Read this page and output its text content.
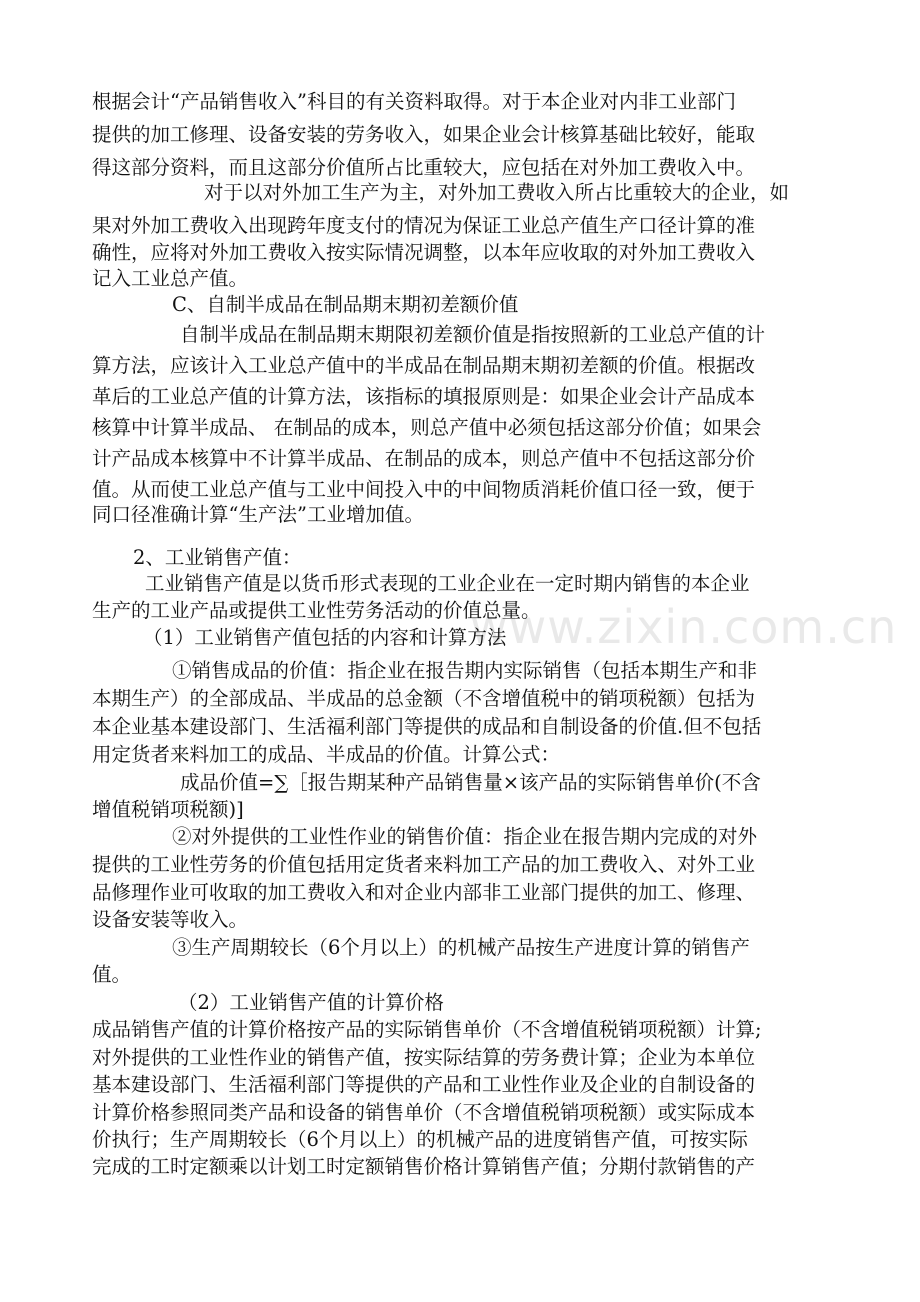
www.zixin.com.cn
根据会计“产品销售收入”科目的有关资料取得。对于本企业对内非工业部门
提供的加工修理、设备安装的劳务收入，如果企业会计核算基础比较好，能取
得这部分资料，而且这部分价值所占比重较大，应包括在对外加工费收入中。
对于以对外加工生产为主，对外加工费收入所占比重较大的企业，如
果对外加工费收入出现跨年度支付的情况为保证工业总产值生产口径计算的准
确性，应将对外加工费收入按实际情况调整，以本年应收取的对外加工费收入
记入工业总产值。
C、自制半成品在制品期末期初差额价值
自制半成品在制品期末期限初差额价值是指按照新的工业总产值的计
算方法，应该计入工业总产值中的半成品在制品期末期初差额的价值。根据改
革后的工业总产值的计算方法，该指标的填报原则是：如果企业会计产品成本
核算中计算半成品、 在制品的成本，则总产值中必须包括这部分价值；如果会
计产品成本核算中不计算半成品、在制品的成本，则总产值中不包括这部分价
值。从而使工业总产值与工业中间投入中的中间物质消耗价值口径一致，便于
同口径准确计算“生产法”工业增加值。
2、工业销售产值：
工业销售产值是以货币形式表现的工业企业在一定时期内销售的本企业
生产的工业产品或提供工业性劳务活动的价值总量。
（1）工业销售产值包括的内容和计算方法
①销售成品的价值：指企业在报告期内实际销售（包括本期生产和非
本期生产）的全部成品、半成品的总金额（不含增值税中的销项税额）包括为
本企业基本建设部门、生活福利部门等提供的成品和自制设备的价值.但不包括
用定货者来料加工的成品、半成品的价值。计算公式：
成品价值=∑［报告期某种产品销售量×该产品的实际销售单价(不含
增值税销项税额)]
②对外提供的工业性作业的销售价值：指企业在报告期内完成的对外
提供的工业性劳务的价值包括用定货者来料加工产品的加工费收入、对外工业
品修理作业可收取的加工费收入和对企业内部非工业部门提供的加工、修理、
设备安装等收入。
③生产周期较长（6个月以上）的机械产品按生产进度计算的销售产
值。
（2）工业销售产值的计算价格
成品销售产值的计算价格按产品的实际销售单价（不含增值税销项税额）计算;
对外提供的工业性作业的销售产值，按实际结算的劳务费计算；企业为本单位
基本建设部门、生活福利部门等提供的产品和工业性作业及企业的自制设备的
计算价格参照同类产品和设备的销售单价（不含增值税销项税额）或实际成本
价执行；生产周期较长（6个月以上）的机械产品的进度销售产值，可按实际
完成的工时定额乘以计划工时定额销售价格计算销售产值；分期付款销售的产
